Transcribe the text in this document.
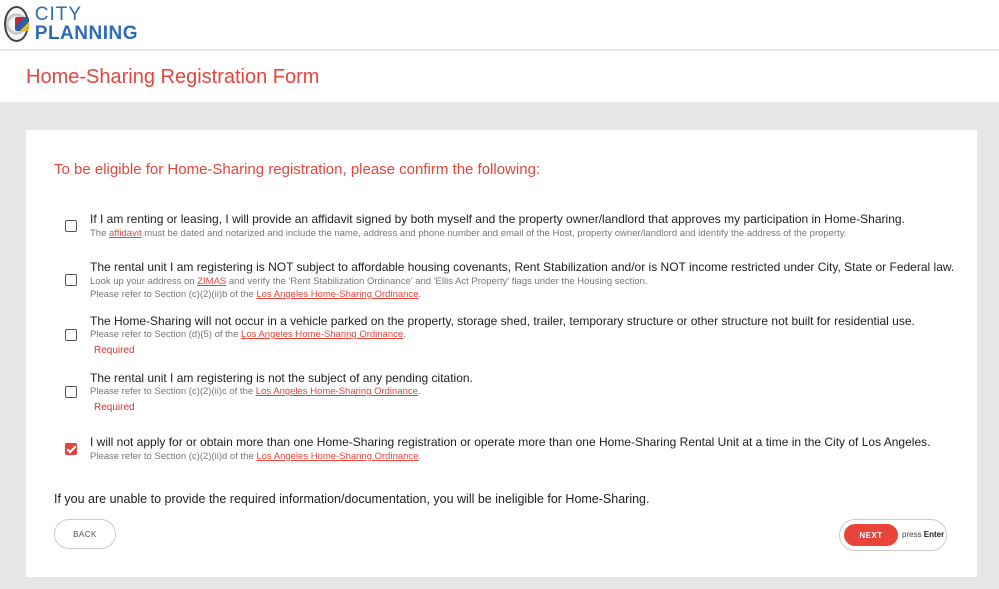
CITY
PLANNING
Home-Sharing Registration Form
To be eligible for Home-Sharing registration, please confirm the following:
If I am renting or leasing, I will provide an affidavit signed by both myself and the property owner/landlord that approves my participation in Home-Sharing.
The affidavit must be dated and notarized and include the name, address and phone number and email of the Host, property owner/landlord and identify the address of the property.
The rental unit I am registering is NOT subject to affordable housing covenants, Rent Stabilization and/or is NOT income restricted under City, State or Federal law.
Look up your address on ZIMAS and verify the 'Rent Stabilization Ordinance' and 'Ellis Act Property' flags under the Housing section.
Please refer to Section (c)(2)(ii)b of the Los Angeles Home-Sharing Ordinance.
The Home-Sharing will not occur in a vehicle parked on the property, storage shed, trailer, temporary structure or other structure not built for residential use.
Please refer to Section (d)(5) of the Los Angeles Home-Sharing Ordinance.
Required
The rental unit I am registering is not the subject of any pending citation.
Please refer to Section (c)(2)(ii)c of the Los Angeles Home-Sharing Ordinance.
Required
I will not apply for or obtain more than one Home-Sharing registration or operate more than one Home-Sharing Rental Unit at a time in the City of Los Angeles.
Please refer to Section (c)(2)(ii)d of the Los Angeles Home-Sharing Ordinance.
If you are unable to provide the required information/documentation, you will be ineligible for Home-Sharing.
BACK	NEXT	press Enter
